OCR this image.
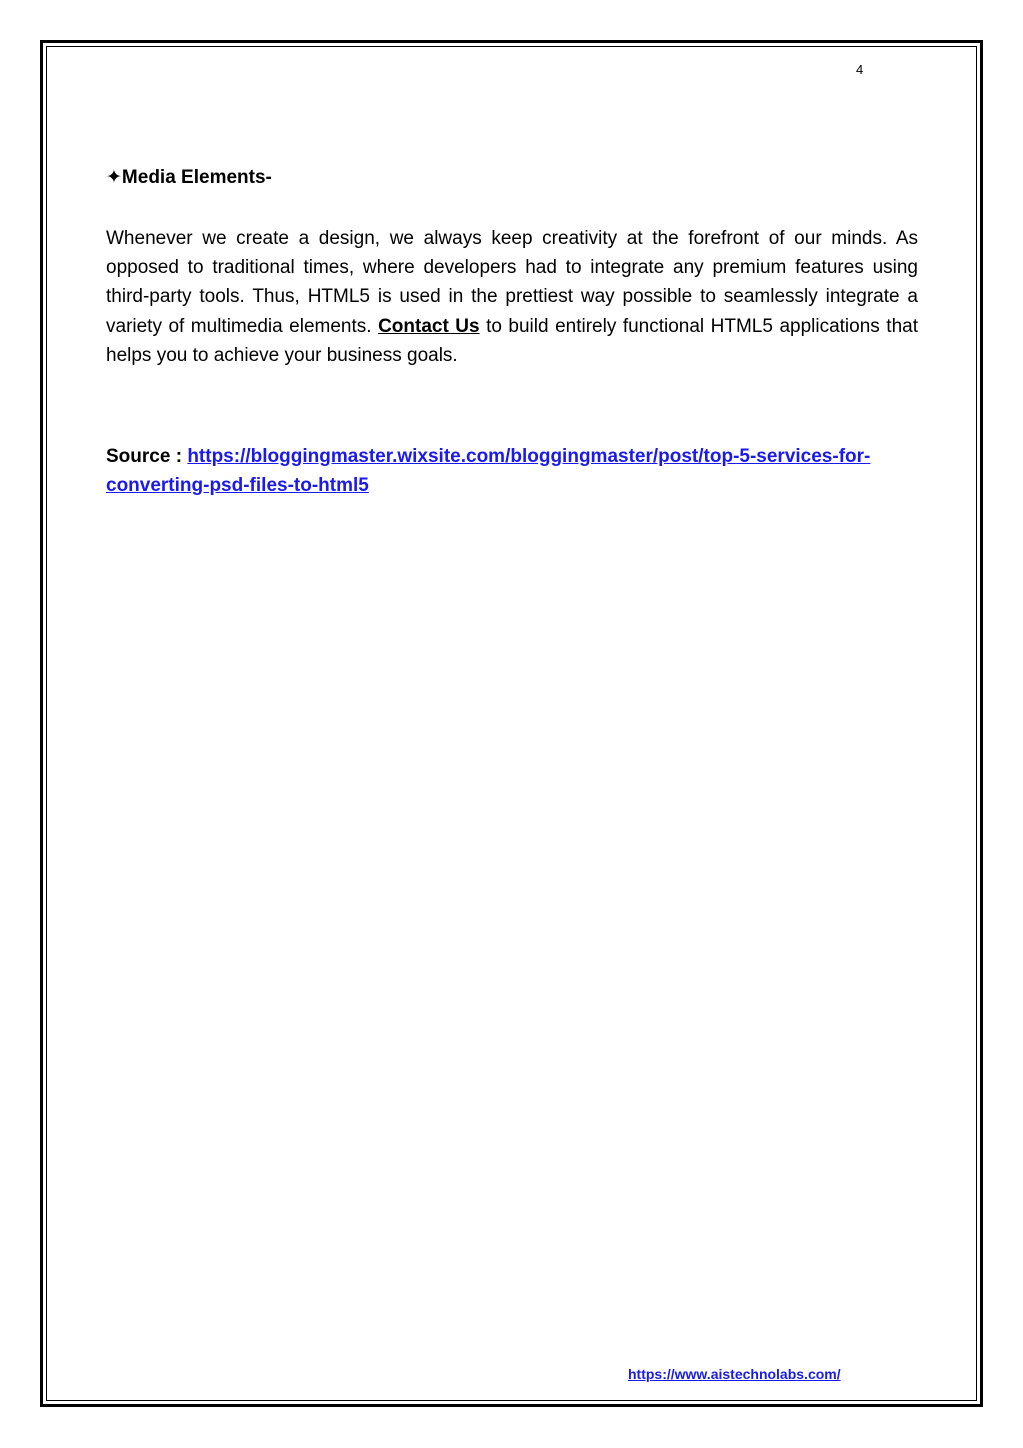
4
✦Media Elements-
Whenever we create a design, we always keep creativity at the forefront of our minds. As opposed to traditional times, where developers had to integrate any premium features using third-party tools. Thus, HTML5 is used in the prettiest way possible to seamlessly integrate a variety of multimedia elements. Contact Us to build entirely functional HTML5 applications that helps you to achieve your business goals.
Source : https://bloggingmaster.wixsite.com/bloggingmaster/post/top-5-services-for-converting-psd-files-to-html5
https://www.aistechnolabs.com/
